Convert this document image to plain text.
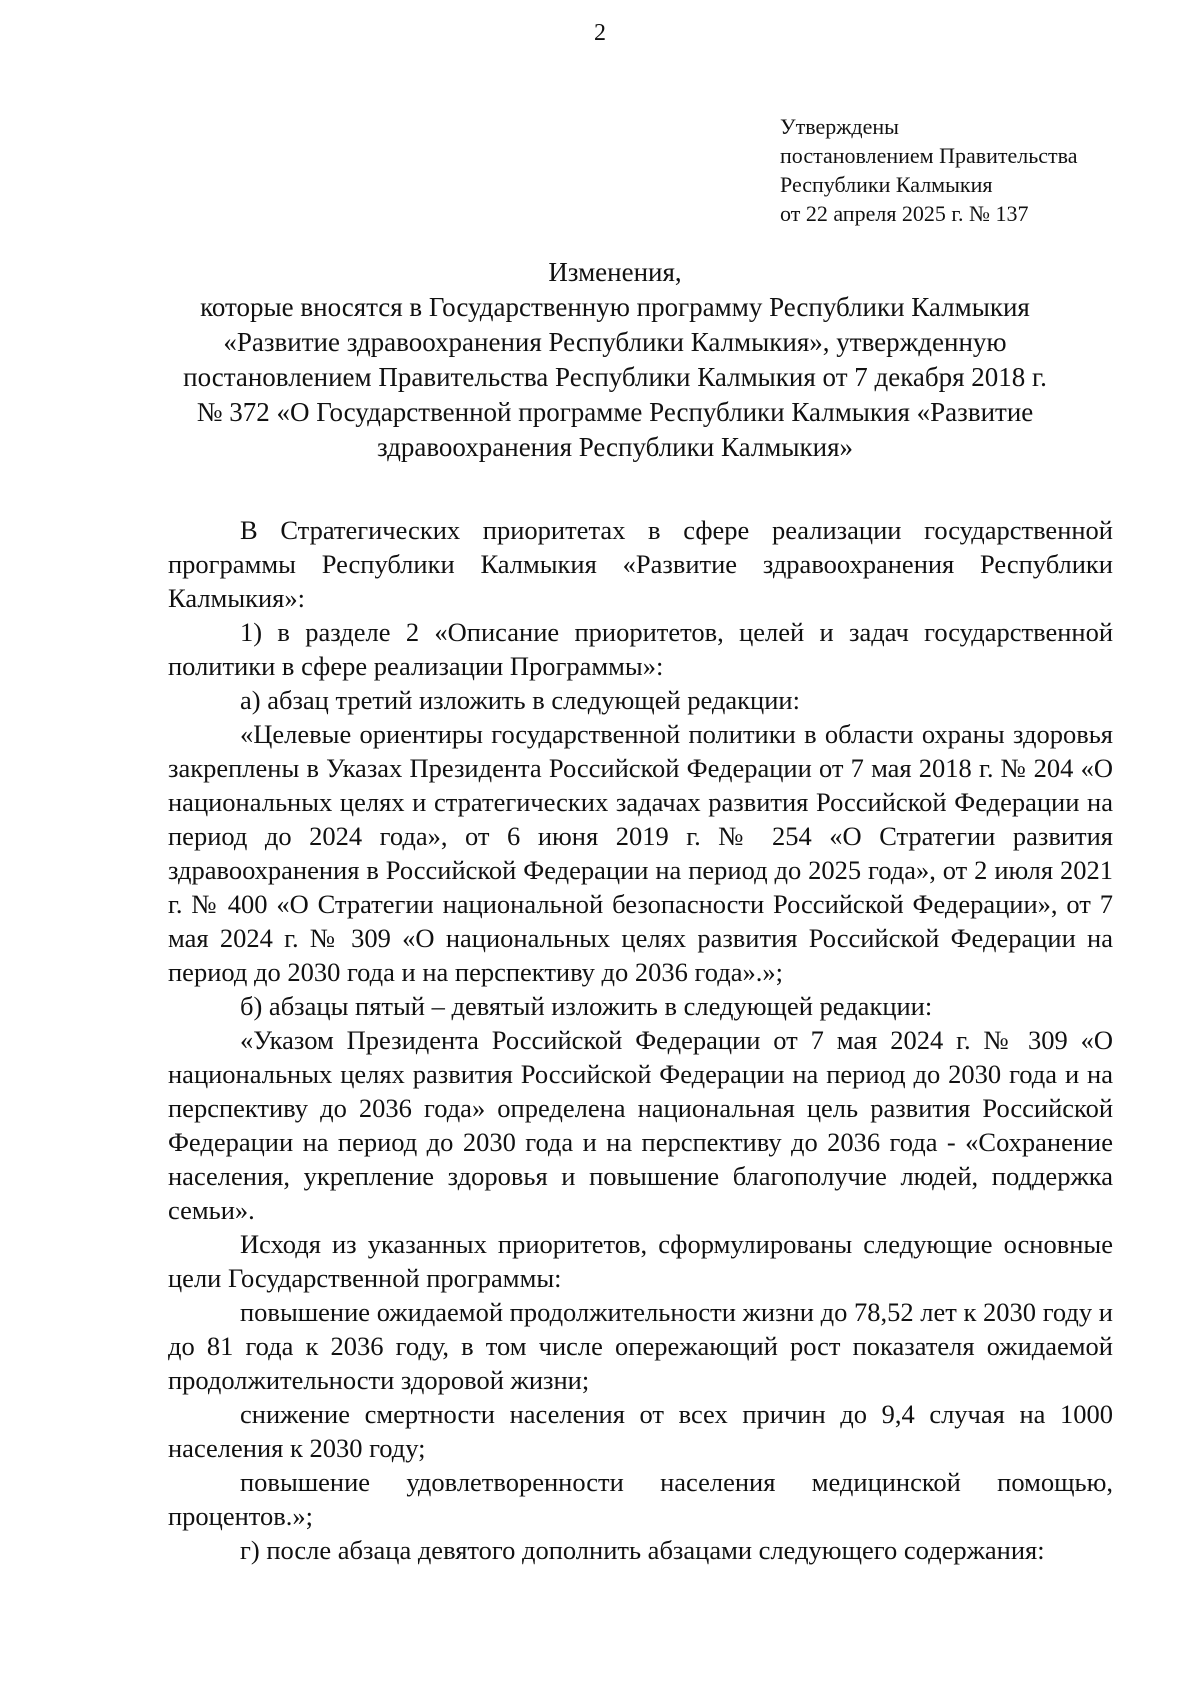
2
Утверждены
постановлением Правительства
Республики Калмыкия
от 22 апреля 2025 г. № 137
Изменения,
которые вносятся в Государственную программу Республики Калмыкия
«Развитие здравоохранения Республики Калмыкия», утвержденную
постановлением Правительства Республики Калмыкия от 7 декабря 2018 г.
№ 372 «О Государственной программе Республики Калмыкия «Развитие
здравоохранения Республики Калмыкия»

В Стратегических приоритетах в сфере реализации государственной программы Республики Калмыкия «Развитие здравоохранения Республики Калмыкия»:

1) в разделе 2 «Описание приоритетов, целей и задач государственной политики в сфере реализации Программы»:

а) абзац третий изложить в следующей редакции:

«Целевые ориентиры государственной политики в области охраны здоровья закреплены в Указах Президента Российской Федерации от 7 мая 2018 г. № 204 «О национальных целях и стратегических задачах развития Российской Федерации на период до 2024 года», от 6 июня 2019 г. № 254 «О Стратегии развития здравоохранения в Российской Федерации на период до 2025 года», от 2 июля 2021 г. № 400 «О Стратегии национальной безопасности Российской Федерации», от 7 мая 2024 г. № 309 «О национальных целях развития Российской Федерации на период до 2030 года и на перспективу до 2036 года».»;

б) абзацы пятый – девятый изложить в следующей редакции:

«Указом Президента Российской Федерации от 7 мая 2024 г. № 309 «О национальных целях развития Российской Федерации на период до 2030 года и на перспективу до 2036 года» определена национальная цель развития Российской Федерации на период до 2030 года и на перспективу до 2036 года - «Сохранение населения, укрепление здоровья и повышение благополучие людей, поддержка семьи».

Исходя из указанных приоритетов, сформулированы следующие основные цели Государственной программы:

повышение ожидаемой продолжительности жизни до 78,52 лет к 2030 году и до 81 года к 2036 году, в том числе опережающий рост показателя ожидаемой продолжительности здоровой жизни;

снижение смертности населения от всех причин до 9,4 случая на 1000 населения к 2030 году;

повышение удовлетворенности населения медицинской помощью, процентов.»;

г) после абзаца девятого дополнить абзацами следующего содержания:
